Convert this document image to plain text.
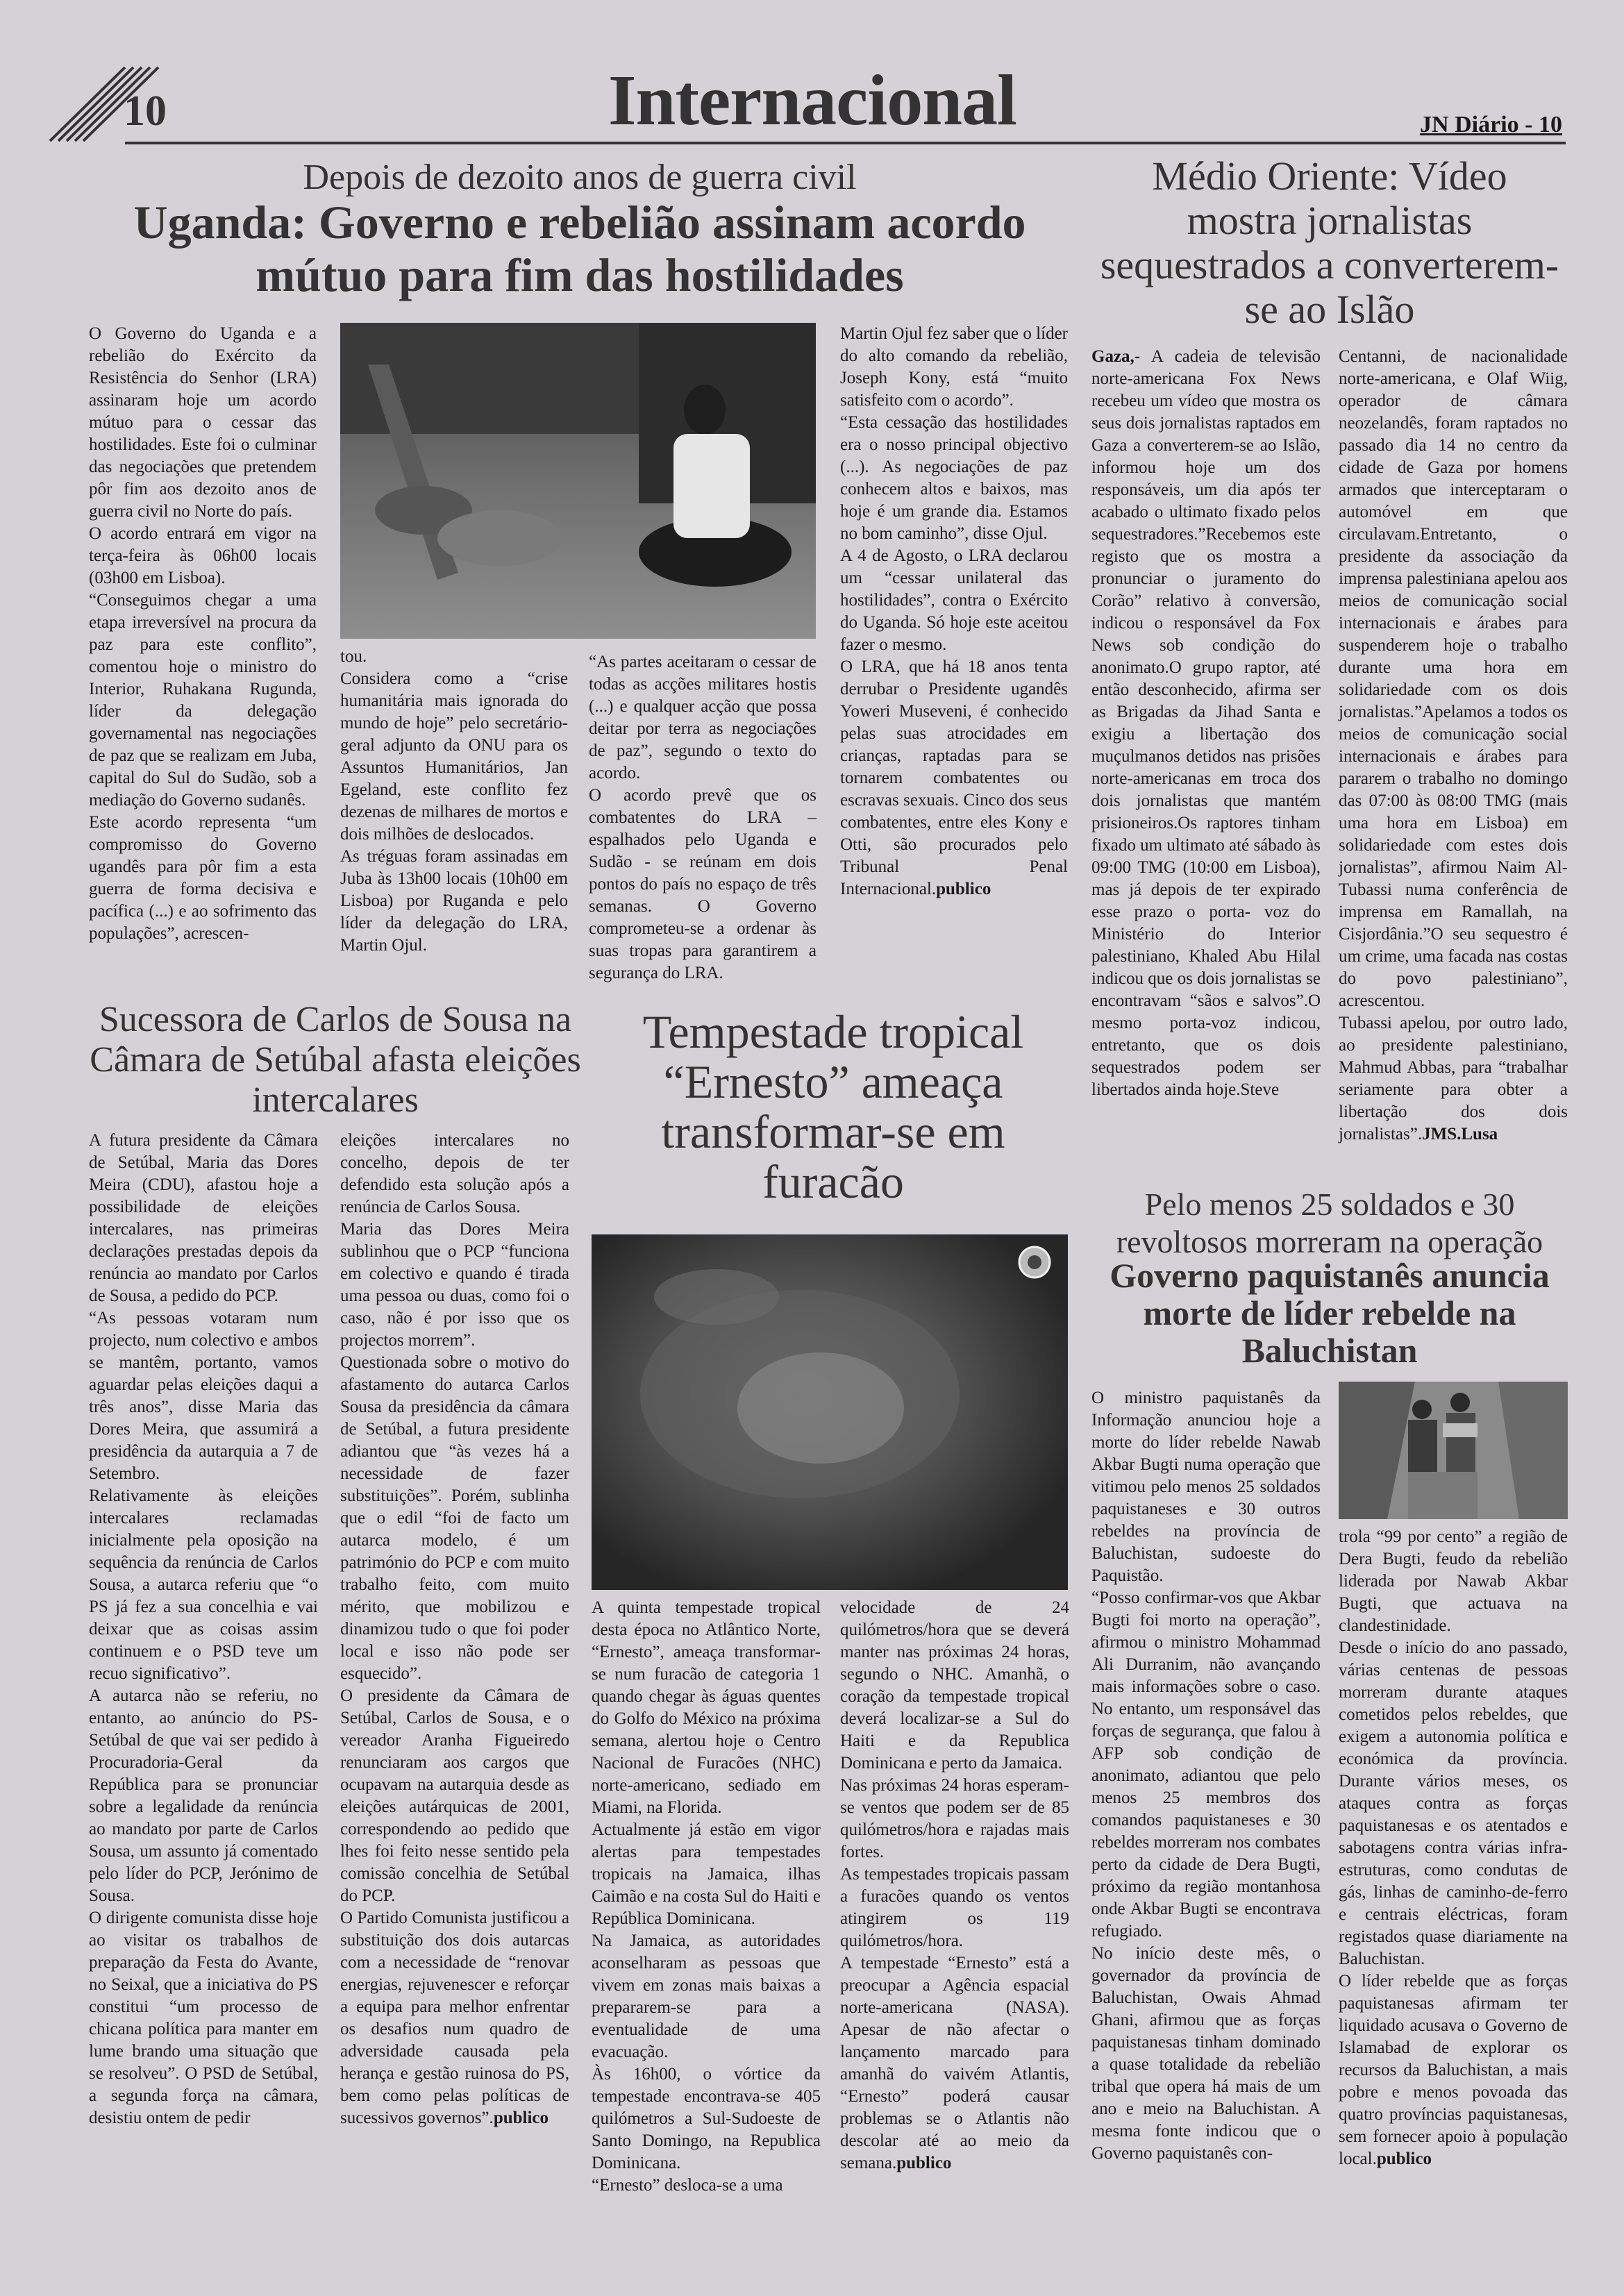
10	Internacional	JN Diário - 10
Depois de dezoito anos de guerra civil
Uganda: Governo e rebelião assinam acordo mútuo para fim das hostilidades

O Governo do Uganda e a rebelião do Exército da Resistência do Senhor (LRA) assinaram hoje um acordo mútuo para o cessar das hostilidades. Este foi o culminar das negociações que pretendem pôr fim aos dezoito anos de guerra civil no Norte do país.

O acordo entrará em vigor na terça-feira às 06h00 locais (03h00 em Lisboa).

“Conseguimos chegar a uma etapa irreversível na procura da paz para este conflito”, comentou hoje o ministro do Interior, Ruhakana Rugunda, líder da delegação governamental nas negociações de paz que se realizam em Juba, capital do Sul do Sudão, sob a mediação do Governo sudanês.

Este acordo representa “um compromisso do Governo ugandês para pôr fim a esta guerra de forma decisiva e pacífica (...) e ao sofrimento das populações”, acrescen-

tou.

Considera como a “crise humanitária mais ignorada do mundo de hoje” pelo secretário-geral adjunto da ONU para os Assuntos Humanitários, Jan Egeland, este conflito fez dezenas de milhares de mortos e dois milhões de deslocados.

As tréguas foram assinadas em Juba às 13h00 locais (10h00 em Lisboa) por Ruganda e pelo líder da delegação do LRA, Martin Ojul.

“As partes aceitaram o cessar de todas as acções militares hostis (...) e qualquer acção que possa deitar por terra as negociações de paz”, segundo o texto do acordo.

O acordo prevê que os combatentes do LRA – espalhados pelo Uganda e Sudão - se reúnam em dois pontos do país no espaço de três semanas. O Governo comprometeu-se a ordenar às suas tropas para garantirem a segurança do LRA.

Martin Ojul fez saber que o líder do alto comando da rebelião, Joseph Kony, está “muito satisfeito com o acordo”.

“Esta cessação das hostilidades era o nosso principal objectivo (...). As negociações de paz conhecem altos e baixos, mas hoje é um grande dia. Estamos no bom caminho”, disse Ojul.

A 4 de Agosto, o LRA declarou um “cessar unilateral das hostilidades”, contra o Exército do Uganda. Só hoje este aceitou fazer o mesmo.

O LRA, que há 18 anos tenta derrubar o Presidente ugandês Yoweri Museveni, é conhecido pelas suas atrocidades em crianças, raptadas para se tornarem combatentes ou escravas sexuais. Cinco dos seus combatentes, entre eles Kony e Otti, são procurados pelo Tribunal Penal Internacional.publico

Médio Oriente: Vídeo mostra jornalistas sequestrados a converterem-se ao Islão

Gaza,- A cadeia de televisão norte-americana Fox News recebeu um vídeo que mostra os seus dois jornalistas raptados em Gaza a converterem-se ao Islão, informou hoje um dos responsáveis, um dia após ter acabado o ultimato fixado pelos sequestradores.”Recebemos este registo que os mostra a pronunciar o juramento do Corão” relativo à conversão, indicou o responsável da Fox News sob condição do anonimato.O grupo raptor, até então desconhecido, afirma ser as Brigadas da Jihad Santa e exigiu a libertação dos muçulmanos detidos nas prisões norte-americanas em troca dos dois jornalistas que mantém prisioneiros.Os raptores tinham fixado um ultimato até sábado às 09:00 TMG (10:00 em Lisboa), mas já depois de ter expirado esse prazo o porta- voz do Ministério do Interior palestiniano, Khaled Abu Hilal indicou que os dois jornalistas se encontravam “sãos e salvos”.O mesmo porta-voz indicou, entretanto, que os dois sequestrados podem ser libertados ainda hoje.Steve

Centanni, de nacionalidade norte-americana, e Olaf Wiig, operador de câmara neozelandês, foram raptados no passado dia 14 no centro da cidade de Gaza por homens armados que interceptaram o automóvel em que circulavam.Entretanto, o presidente da associação da imprensa palestiniana apelou aos meios de comunicação social internacionais e árabes para suspenderem hoje o trabalho durante uma hora em solidariedade com os dois jornalistas.”Apelamos a todos os meios de comunicação social internacionais e árabes para pararem o trabalho no domingo das 07:00 às 08:00 TMG (mais uma hora em Lisboa) em solidariedade com estes dois jornalistas”, afirmou Naim Al-Tubassi numa conferência de imprensa em Ramallah, na Cisjordânia.”O seu sequestro é um crime, uma facada nas costas do povo palestiniano”, acrescentou.

Tubassi apelou, por outro lado, ao presidente palestiniano, Mahmud Abbas, para “trabalhar seriamente para obter a libertação dos dois jornalistas”.JMS.Lusa

Sucessora de Carlos de Sousa na Câmara de Setúbal afasta eleições intercalares

A futura presidente da Câmara de Setúbal, Maria das Dores Meira (CDU), afastou hoje a possibilidade de eleições intercalares, nas primeiras declarações prestadas depois da renúncia ao mandato por Carlos de Sousa, a pedido do PCP.

“As pessoas votaram num projecto, num colectivo e ambos se mantêm, portanto, vamos aguardar pelas eleições daqui a três anos”, disse Maria das Dores Meira, que assumirá a presidência da autarquia a 7 de Setembro.

Relativamente às eleições intercalares reclamadas inicialmente pela oposição na sequência da renúncia de Carlos Sousa, a autarca referiu que “o PS já fez a sua concelhia e vai deixar que as coisas assim continuem e o PSD teve um recuo significativo”.

A autarca não se referiu, no entanto, ao anúncio do PS-Setúbal de que vai ser pedido à Procuradoria-Geral da República para se pronunciar sobre a legalidade da renúncia ao mandato por parte de Carlos Sousa, um assunto já comentado pelo líder do PCP, Jerónimo de Sousa.

O dirigente comunista disse hoje ao visitar os trabalhos de preparação da Festa do Avante, no Seixal, que a iniciativa do PS constitui “um processo de chicana política para manter em lume brando uma situação que se resolveu”. O PSD de Setúbal, a segunda força na câmara, desistiu ontem de pedir

eleições intercalares no concelho, depois de ter defendido esta solução após a renúncia de Carlos Sousa.

Maria das Dores Meira sublinhou que o PCP “funciona em colectivo e quando é tirada uma pessoa ou duas, como foi o caso, não é por isso que os projectos morrem”.

Questionada sobre o motivo do afastamento do autarca Carlos Sousa da presidência da câmara de Setúbal, a futura presidente adiantou que “às vezes há a necessidade de fazer substituições”. Porém, sublinha que o edil “foi de facto um autarca modelo, é um património do PCP e com muito trabalho feito, com muito mérito, que mobilizou e dinamizou tudo o que foi poder local e isso não pode ser esquecido”.

O presidente da Câmara de Setúbal, Carlos de Sousa, e o vereador Aranha Figueiredo renunciaram aos cargos que ocupavam na autarquia desde as eleições autárquicas de 2001, correspondendo ao pedido que lhes foi feito nesse sentido pela comissão concelhia de Setúbal do PCP.

O Partido Comunista justificou a substituição dos dois autarcas com a necessidade de “renovar energias, rejuvenescer e reforçar a equipa para melhor enfrentar os desafios num quadro de adversidade causada pela herança e gestão ruinosa do PS, bem como pelas políticas de sucessivos governos”.publico

Tempestade tropical “Ernesto” ameaça transformar-se em furacão

A quinta tempestade tropical desta época no Atlântico Norte, “Ernesto”, ameaça transformar-se num furacão de categoria 1 quando chegar às águas quentes do Golfo do México na próxima semana, alertou hoje o Centro Nacional de Furacões (NHC) norte-americano, sediado em Miami, na Florida.

Actualmente já estão em vigor alertas para tempestades tropicais na Jamaica, ilhas Caimão e na costa Sul do Haiti e República Dominicana.

Na Jamaica, as autoridades aconselharam as pessoas que vivem em zonas mais baixas a prepararem-se para a eventualidade de uma evacuação.

Às 16h00, o vórtice da tempestade encontrava-se 405 quilómetros a Sul-Sudoeste de Santo Domingo, na Republica Dominicana.

“Ernesto” desloca-se a uma

velocidade de 24 quilómetros/hora que se deverá manter nas próximas 24 horas, segundo o NHC. Amanhã, o coração da tempestade tropical deverá localizar-se a Sul do Haiti e da Republica Dominicana e perto da Jamaica.

Nas próximas 24 horas esperam-se ventos que podem ser de 85 quilómetros/hora e rajadas mais fortes.

As tempestades tropicais passam a furacões quando os ventos atingirem os 119 quilómetros/hora.

A tempestade “Ernesto” está a preocupar a Agência espacial norte-americana (NASA). Apesar de não afectar o lançamento marcado para amanhã do vaivém Atlantis, “Ernesto” poderá causar problemas se o Atlantis não descolar até ao meio da semana.publico

Pelo menos 25 soldados e 30 revoltosos morreram na operação
Governo paquistanês anuncia morte de líder rebelde na Baluchistan

O ministro paquistanês da Informação anunciou hoje a morte do líder rebelde Nawab Akbar Bugti numa operação que vitimou pelo menos 25 soldados paquistaneses e 30 outros rebeldes na província de Baluchistan, sudoeste do Paquistão.

“Posso confirmar-vos que Akbar Bugti foi morto na operação”, afirmou o ministro Mohammad Ali Durranim, não avançando mais informações sobre o caso. No entanto, um responsável das forças de segurança, que falou à AFP sob condição de anonimato, adiantou que pelo menos 25 membros dos comandos paquistaneses e 30 rebeldes morreram nos combates perto da cidade de Dera Bugti, próximo da região montanhosa onde Akbar Bugti se encontrava refugiado.

No início deste mês, o governador da província de Baluchistan, Owais Ahmad Ghani, afirmou que as forças paquistanesas tinham dominado a quase totalidade da rebelião tribal que opera há mais de um ano e meio na Baluchistan. A mesma fonte indicou que o Governo paquistanês con-

trola “99 por cento” a região de Dera Bugti, feudo da rebelião liderada por Nawab Akbar Bugti, que actuava na clandestinidade.

Desde o início do ano passado, várias centenas de pessoas morreram durante ataques cometidos pelos rebeldes, que exigem a autonomia política e económica da província. Durante vários meses, os ataques contra as forças paquistanesas e os atentados e sabotagens contra várias infra-estruturas, como condutas de gás, linhas de caminho-de-ferro e centrais eléctricas, foram registados quase diariamente na Baluchistan.

O líder rebelde que as forças paquistanesas afirmam ter liquidado acusava o Governo de Islamabad de explorar os recursos da Baluchistan, a mais pobre e menos povoada das quatro províncias paquistanesas, sem fornecer apoio à população local.publico
